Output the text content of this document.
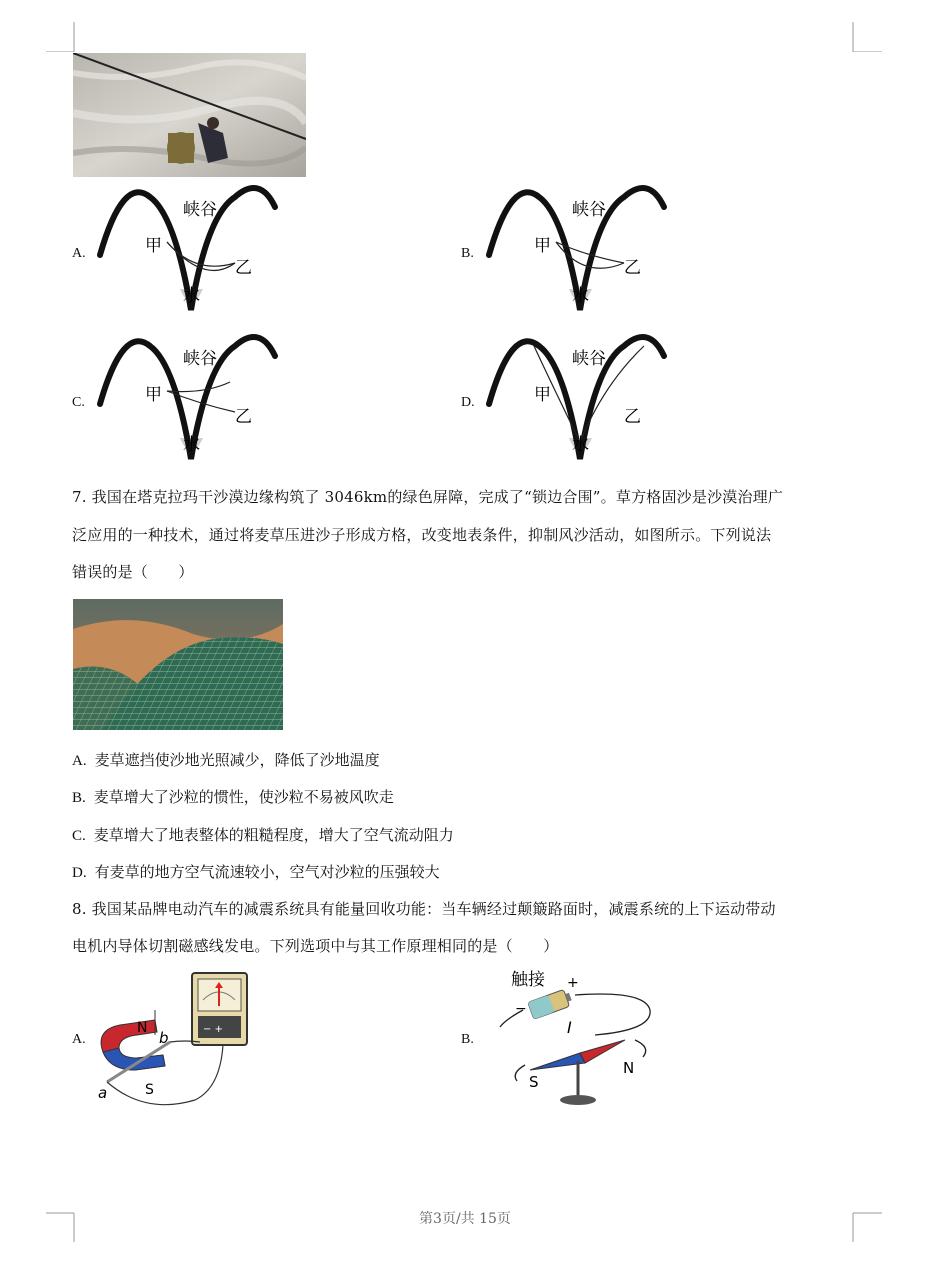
A.
峡谷
甲
乙
水
B.
峡谷
甲
乙
水
C.
峡谷
甲
乙
水
D.
峡谷
甲
乙
水
7. 我国在塔克拉玛干沙漠边缘构筑了 3046km的绿色屏障，完成了“锁边合围”。草方格固沙是沙漠治理广
泛应用的一种技术，通过将麦草压进沙子形成方格，改变地表条件，抑制风沙活动，如图所示。下列说法
错误的是（　　）
A. 麦草遮挡使沙地光照减少，降低了沙地温度
B. 麦草增大了沙粒的惯性，使沙粒不易被风吹走
C. 麦草增大了地表整体的粗糙程度，增大了空气流动阻力
D. 有麦草的地方空气流速较小，空气对沙粒的压强较大
8. 我国某品牌电动汽车的减震系统具有能量回收功能：当车辆经过颠簸路面时，减震系统的上下运动带动
电机内导体切割磁感线发电。下列选项中与其工作原理相同的是（　　）
A.
− +
N
S
a
b	B.
触接 +
−
I
S
N
第3页/共 15页
